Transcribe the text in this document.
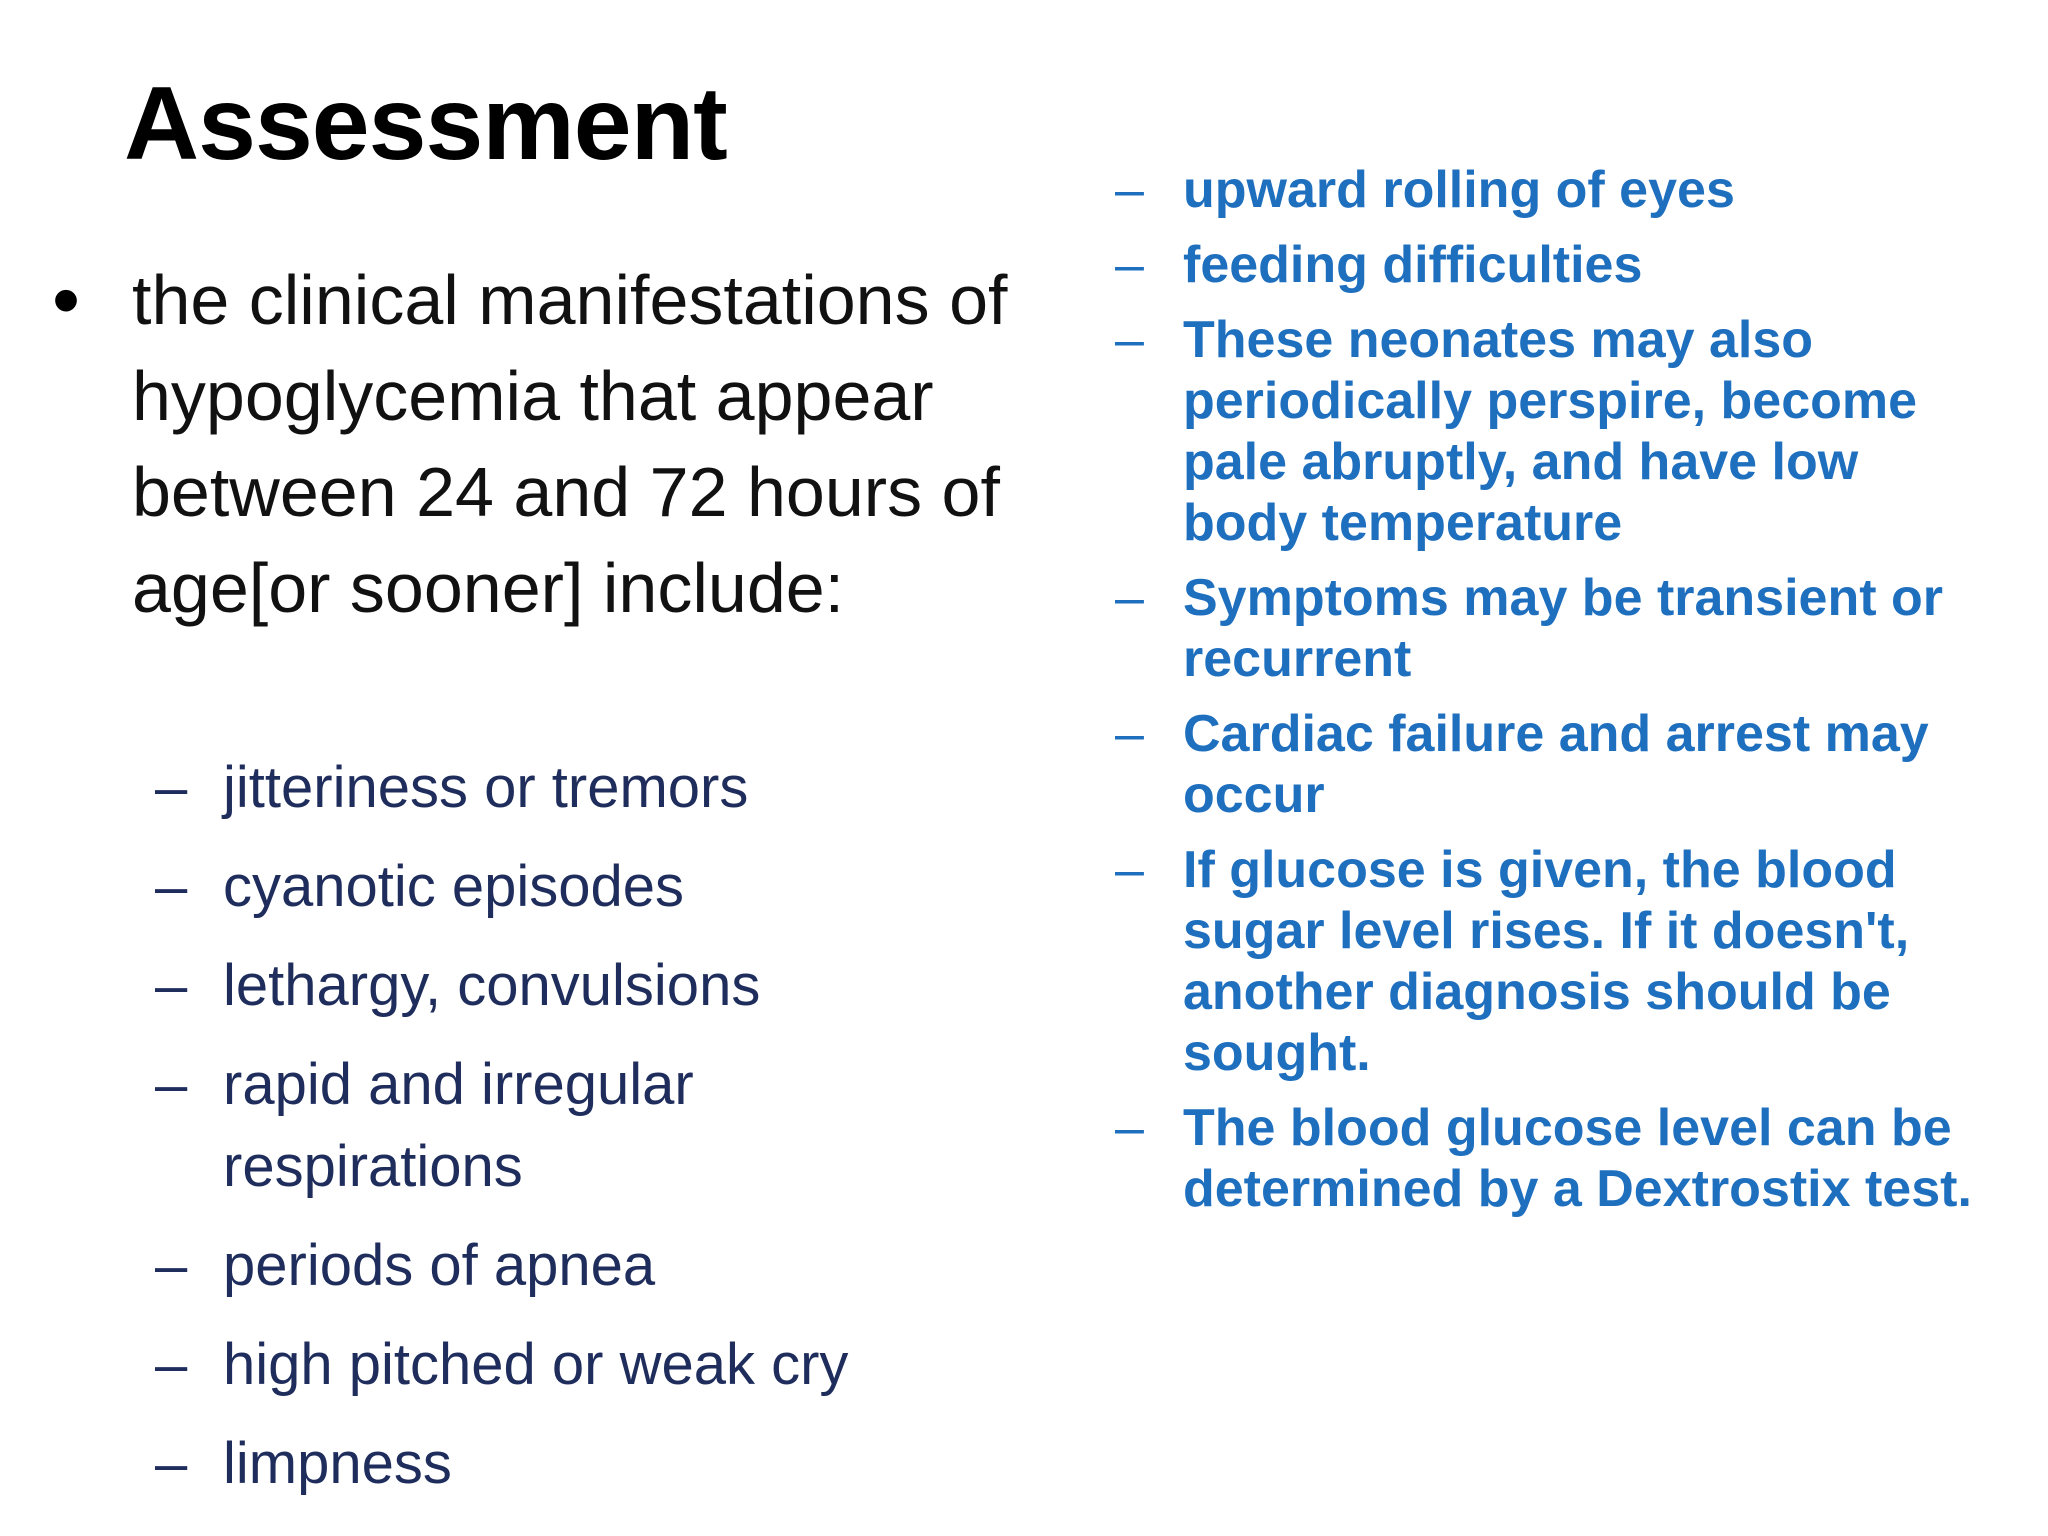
Assessment
• the clinical manifestations of hypoglycemia that appear between 24 and 72 hours of age[or sooner] include:
– jitteriness or tremors
– cyanotic episodes
– lethargy, convulsions
– rapid and irregular respirations
– periods of apnea
– high pitched or weak cry
– limpness
– upward rolling of eyes
– feeding difficulties
– These neonates may also periodically perspire, become pale abruptly, and have low body temperature
– Symptoms may be transient or recurrent
– Cardiac failure and arrest may occur
– If glucose is given, the blood sugar level rises. If it doesn't, another diagnosis should be sought.
– The blood glucose level can be determined by a Dextrostix test.
